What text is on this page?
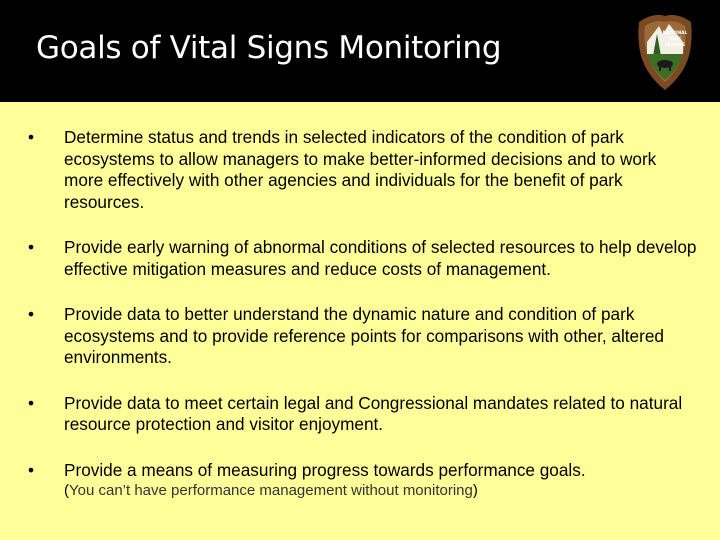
Goals of Vital Signs Monitoring	NATIONAL
PARK
SERVICE
• Determine status and trends in selected indicators of the condition of park ecosystems to allow managers to make better-informed decisions and to work more effectively with other agencies and individuals for the benefit of park resources.
• Provide early warning of abnormal conditions of selected resources to help develop effective mitigation measures and reduce costs of management.
• Provide data to better understand the dynamic nature and condition of park ecosystems and to provide reference points for comparisons with other, altered environments.
• Provide data to meet certain legal and Congressional mandates related to natural resource protection and visitor enjoyment.
• Provide a means of measuring progress towards performance goals.
(You can’t have performance management without monitoring)
